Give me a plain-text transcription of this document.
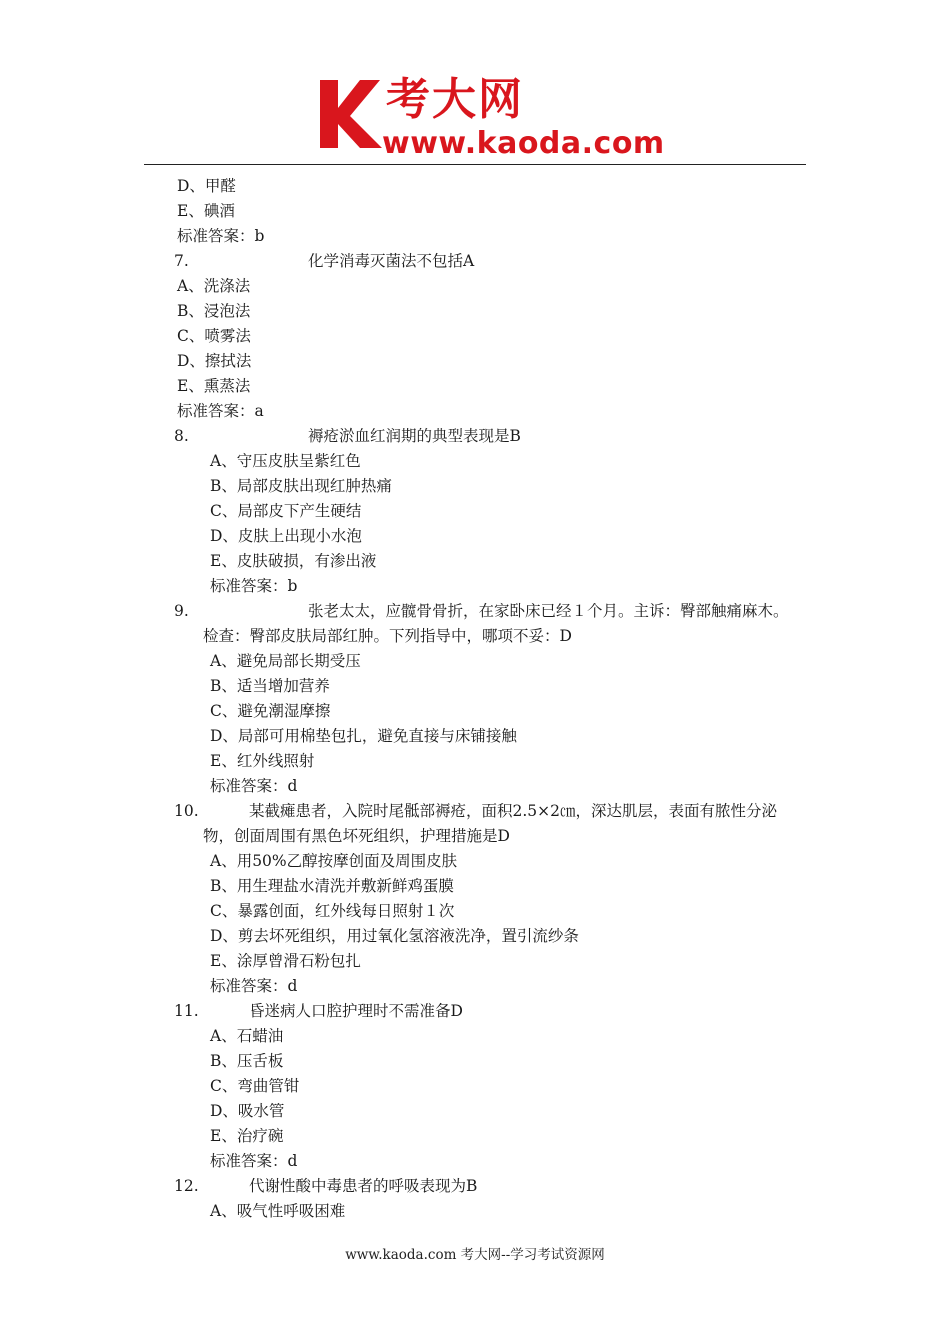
考大网
www.kaoda.com
D、甲醛
E、碘酒
标准答案：b
7.	化学消毒灭菌法不包括A
A、洗涤法
B、浸泡法
C、喷雾法
D、擦拭法
E、熏蒸法
标准答案：a
8.	褥疮淤血红润期的典型表现是B
A、守压皮肤呈紫红色
B、局部皮肤出现红肿热痛
C、局部皮下产生硬结
D、皮肤上出现小水泡
E、皮肤破损，有渗出液
标准答案：b
9.	张老太太，应髋骨骨折，在家卧床已经１个月。主诉：臀部触痛麻木。
检查：臀部皮肤局部红肿。下列指导中，哪项不妥：D
A、避免局部长期受压
B、适当增加营养
C、避免潮湿摩擦
D、局部可用棉垫包扎，避免直接与床铺接触
E、红外线照射
标准答案：d
10.	某截瘫患者，入院时尾骶部褥疮，面积2.5×2㎝，深达肌层，表面有脓性分泌
物，创面周围有黑色坏死组织，护理措施是D
A、用50%乙醇按摩创面及周围皮肤
B、用生理盐水清洗并敷新鲜鸡蛋膜
C、暴露创面，红外线每日照射１次
D、剪去坏死组织，用过氧化氢溶液洗净，置引流纱条
E、涂厚曾滑石粉包扎
标准答案：d
11.	昏迷病人口腔护理时不需准备D
A、石蜡油
B、压舌板
C、弯曲管钳
D、吸水管
E、治疗碗
标准答案：d
12.	代谢性酸中毒患者的呼吸表现为B
A、吸气性呼吸困难
www.kaoda.com 考大网--学习考试资源网
